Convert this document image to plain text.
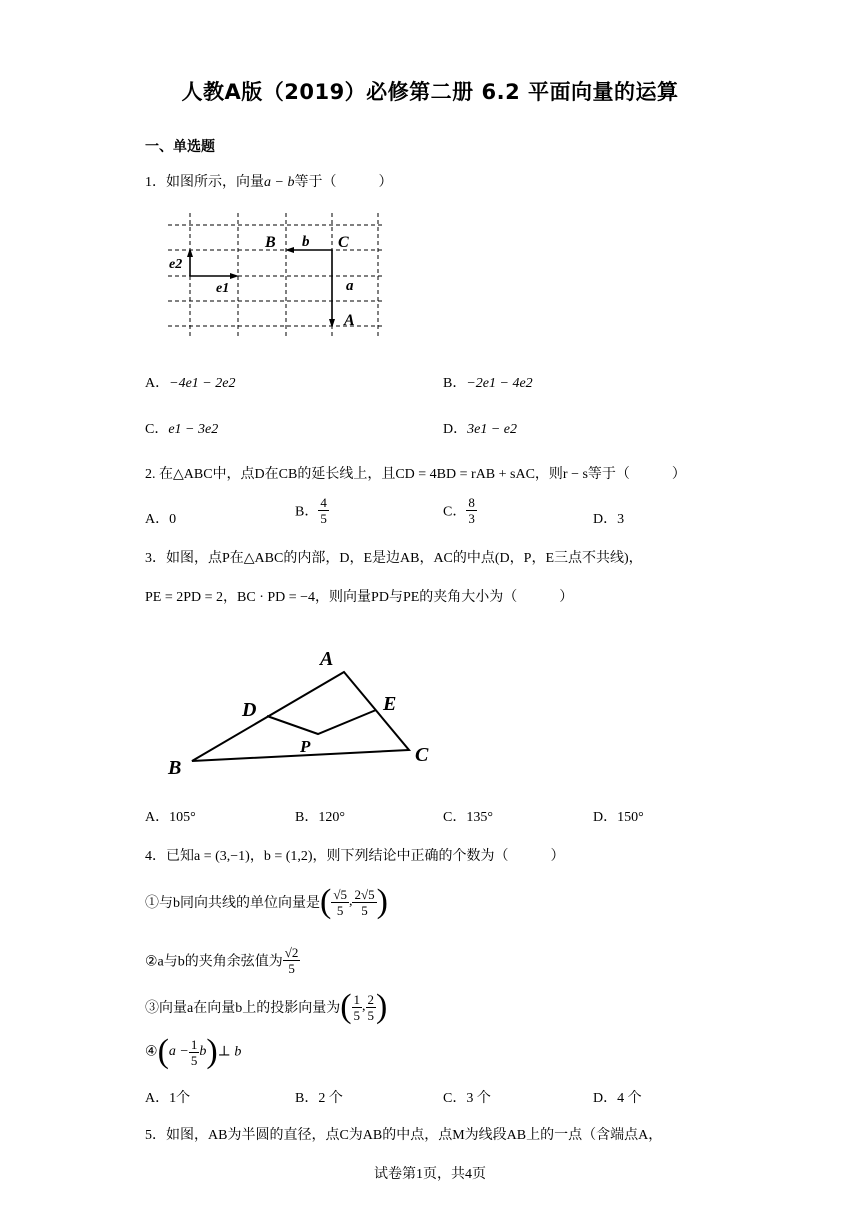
人教A版（2019）必修第二册 6.2 平面向量的运算
一、单选题
1．如图所示，向量a − b等于（　　　）
B b C
e2
e1	a
A
A．−4e1 − 2e2	B．−2e1 − 4e2
C．e1 − 3e2	D．3e1 − e2
2. 在△ABC中，点D在CB的延长线上，且CD = 4BD = rAB + sAC，则r − s等于（　　　）
A．0	B． $\frac{4}{5}$	C． $\frac{8}{3}$	D．3
3．如图，点P在△ABC的内部，D，E是边AB，AC的中点(D，P，E三点不共线)，
PE = 2PD = 2，BC · PD = −4，则向量PD与PE的夹角大小为（　　　）
A
B
C
D	E
P
A．105°	B．120°	C．135°	D．150°
4．已知a = (3,−1)，b = (1,2)，则下列结论中正确的个数为（　　　）
①与b同向共线的单位向量是( $\frac{√5}{5}$ , $\frac{2√5}{5}$ )
②a与b的夹角余弦值为 $\frac{√2}{5}$
③向量a在向量b上的投影向量为( $\frac{1}{5}$ , $\frac{2}{5}$ )
④(a − $\frac{1}{5}$ b)⊥ b
A．1个	B．2 个	C．3 个	D．4 个
5．如图，AB为半圆的直径，点C为AB的中点，点M为线段AB上的一点（含端点A，
试卷第1页，共4页
